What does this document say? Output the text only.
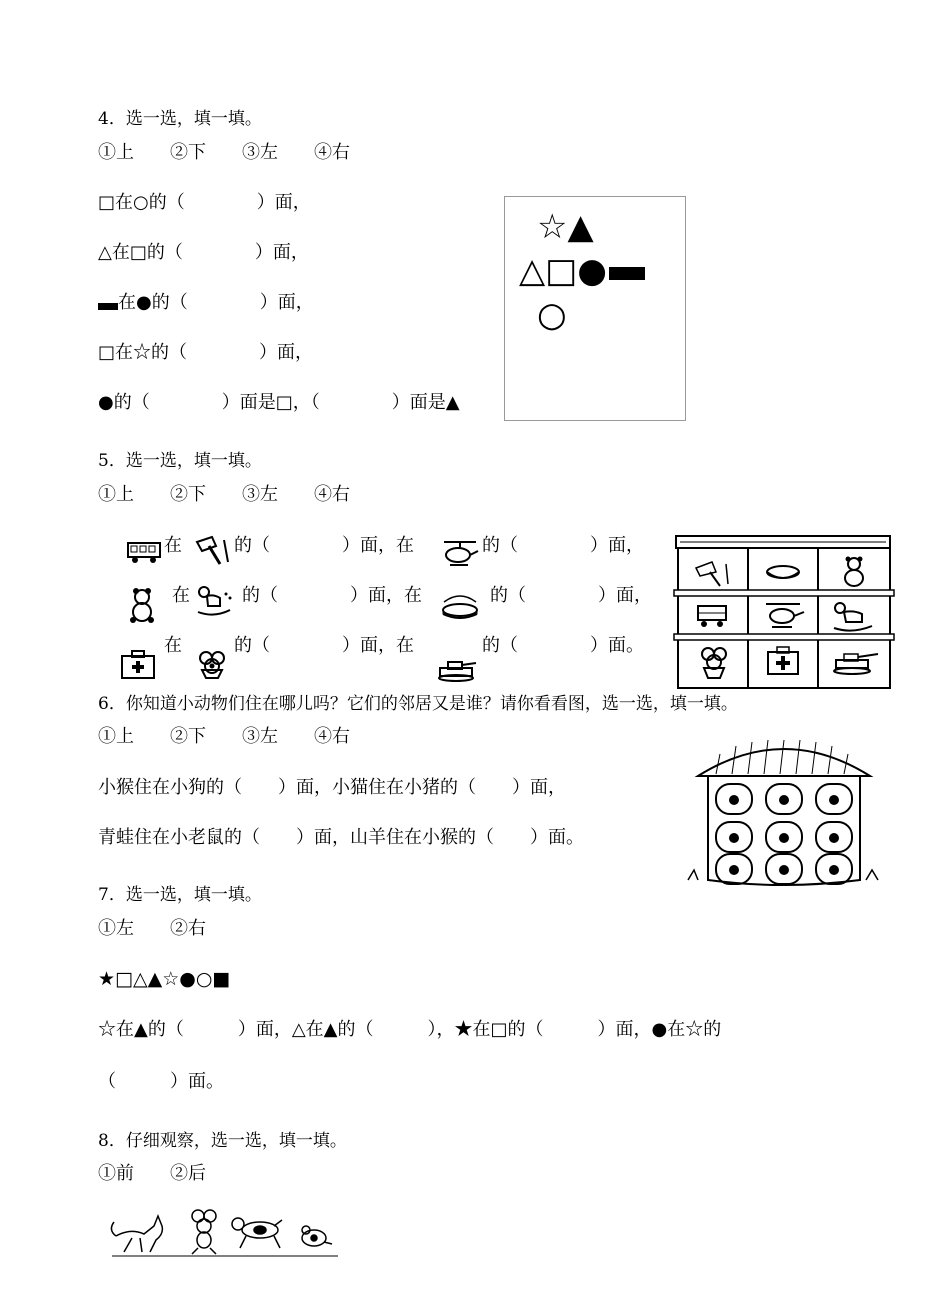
4．选一选，填一填。
①上　　②下　　③左　　④右
□在○的（　　　　）面，
△在□的（　　　　）面，
在●的（　　　　）面，
□在☆的（　　　　）面，
●的（　　　　）面是□，（　　　　）面是▲
☆▲
△□●
○
5．选一选，填一填。
①上　　②下　　③左　　④右
在	的（　　　　）面，在	的（　　　　）面，
在	的（　　　　）面，在	的（　　　　）面，
在	的（　　　　）面，在	的（　　　　）面。
6．你知道小动物们住在哪儿吗？它们的邻居又是谁？请你看看图，选一选，填一填。
①上　　②下　　③左　　④右
小猴住在小狗的（　　）面，小猫住在小猪的（　　）面，
青蛙住在小老鼠的（　　）面，山羊住在小猴的（　　）面。
7．选一选，填一填。
①左　　②右
★□△▲☆●○■
☆在▲的（　　　）面，△在▲的（　　　），★在□的（　　　）面，●在☆的
（　　　）面。
8．仔细观察，选一选，填一填。
①前　　②后
